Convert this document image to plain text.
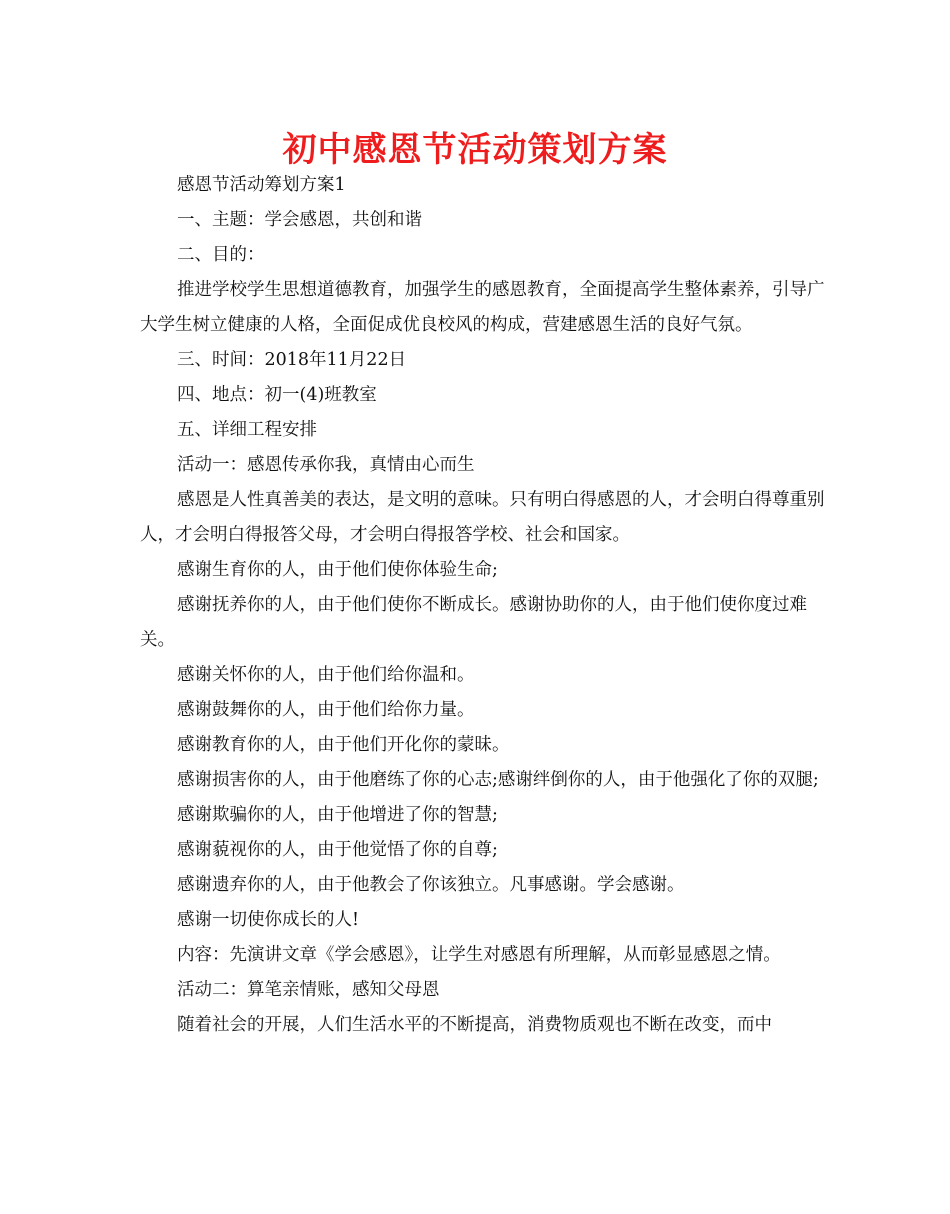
初中感恩节活动策划方案

感恩节活动筹划方案1

一、主题：学会感恩，共创和谐

二、目的：

推进学校学生思想道德教育，加强学生的感恩教育，全面提高学生整体素养，引导广大学生树立健康的人格，全面促成优良校风的构成，营建感恩生活的良好气氛。

三、时间：2018年11月22日

四、地点：初一(4)班教室

五、详细工程安排

活动一：感恩传承你我，真情由心而生

感恩是人性真善美的表达，是文明的意味。只有明白得感恩的人，才会明白得尊重别人，才会明白得报答父母，才会明白得报答学校、社会和国家。

感谢生育你的人，由于他们使你体验生命;

感谢抚养你的人，由于他们使你不断成长。感谢协助你的人，由于他们使你度过难关。

感谢关怀你的人，由于他们给你温和。

感谢鼓舞你的人，由于他们给你力量。

感谢教育你的人，由于他们开化你的蒙昧。

感谢损害你的人，由于他磨练了你的心志;感谢绊倒你的人，由于他强化了你的双腿;

感谢欺骗你的人，由于他增进了你的智慧;

感谢藐视你的人，由于他觉悟了你的自尊;

感谢遗弃你的人，由于他教会了你该独立。凡事感谢。学会感谢。

感谢一切使你成长的人!

内容：先演讲文章《学会感恩》，让学生对感恩有所理解，从而彰显感恩之情。

活动二：算笔亲情账，感知父母恩

随着社会的开展，人们生活水平的不断提高，消费物质观也不断在改变，而中
